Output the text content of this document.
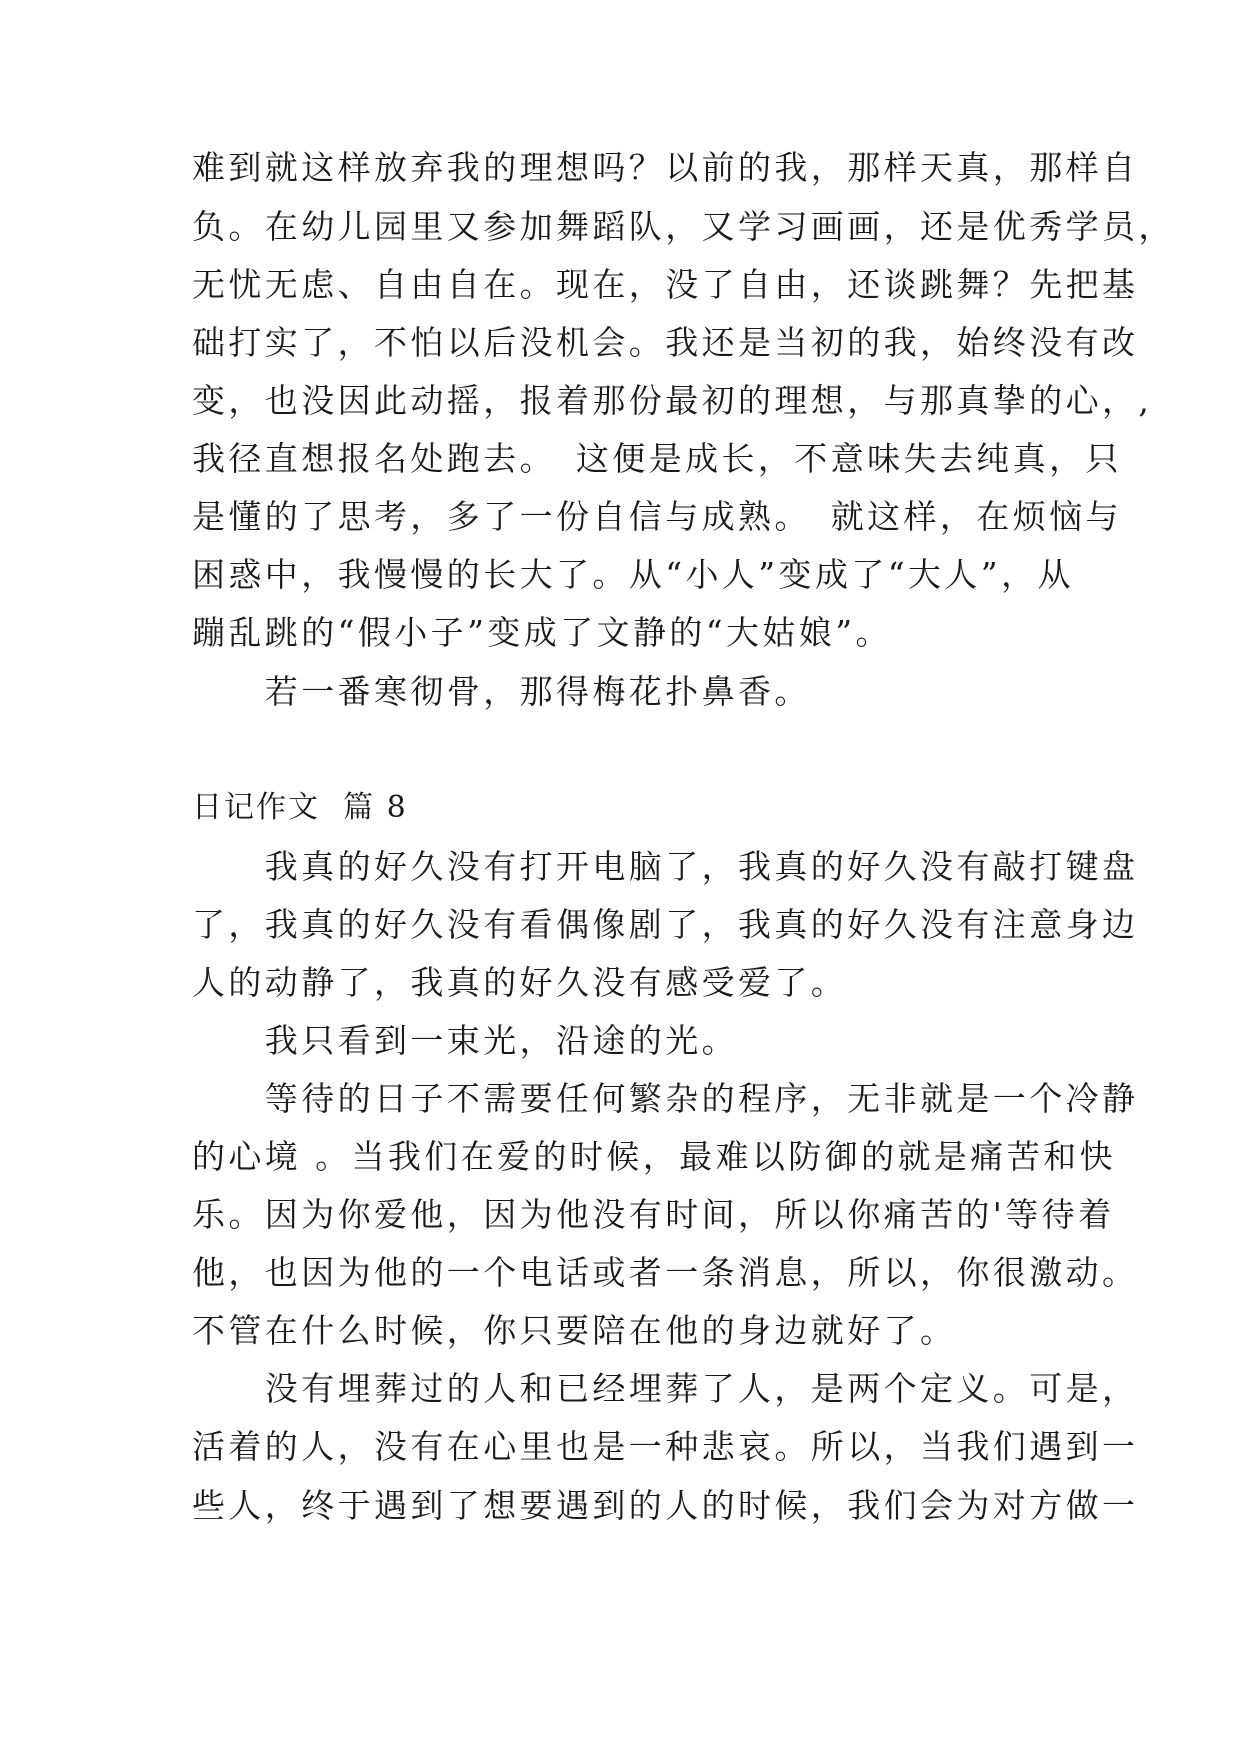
难到就这样放弃我的理想吗？以前的我，那样天真，那样自
负。在幼儿园里又参加舞蹈队，又学习画画，还是优秀学员，
无忧无虑、自由自在。现在，没了自由，还谈跳舞？先把基
础打实了，不怕以后没机会。我还是当初的我，始终没有改
变，也没因此动摇，报着那份最初的理想，与那真挚的心，,
我径直想报名处跑去。　这便是成长，不意味失去纯真，只
是懂的了思考，多了一份自信与成熟。　就这样，在烦恼与
困惑中，我慢慢的长大了。从“小人”变成了“大人”，从
蹦乱跳的“假小子”变成了文静的“大姑娘”。
　　若一番寒彻骨，那得梅花扑鼻香。
日记作文  篇 8
　　我真的好久没有打开电脑了，我真的好久没有敲打键盘
了，我真的好久没有看偶像剧了，我真的好久没有注意身边
人的动静了，我真的好久没有感受爱了。
　　我只看到一束光，沿途的光。
　　等待的日子不需要任何繁杂的程序，无非就是一个冷静
的心境 。当我们在爱的时候，最难以防御的就是痛苦和快
乐。因为你爱他，因为他没有时间，所以你痛苦的'等待着
他，也因为他的一个电话或者一条消息，所以，你很激动。
不管在什么时候，你只要陪在他的身边就好了。
　　没有埋葬过的人和已经埋葬了人，是两个定义。可是，
活着的人，没有在心里也是一种悲哀。所以，当我们遇到一
些人，终于遇到了想要遇到的人的时候，我们会为对方做一
